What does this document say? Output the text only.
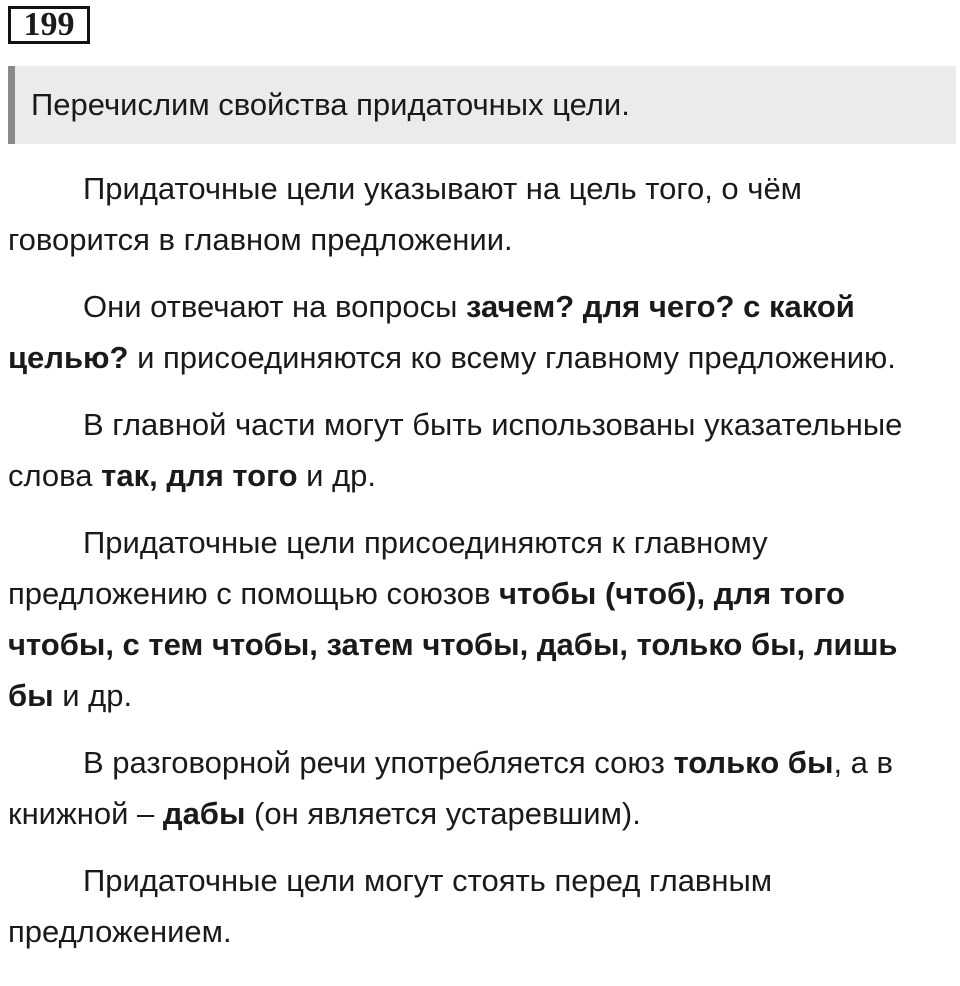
199
Перечислим свойства придаточных цели.

Придаточные цели указывают на цель того, о чём говорится в главном предложении.

Они отвечают на вопросы зачем? для чего? с какой целью? и присоединяются ко всему главному предложению.

В главной части могут быть использованы указательные слова так, для того и др.

Придаточные цели присоединяются к главному предложению с помощью союзов чтобы (чтоб), для того чтобы, с тем чтобы, затем чтобы, дабы, только бы, лишь бы и др.

В разговорной речи употребляется союз только бы, а в книжной – дабы (он является устаревшим).

Придаточные цели могут стоять перед главным предложением.
